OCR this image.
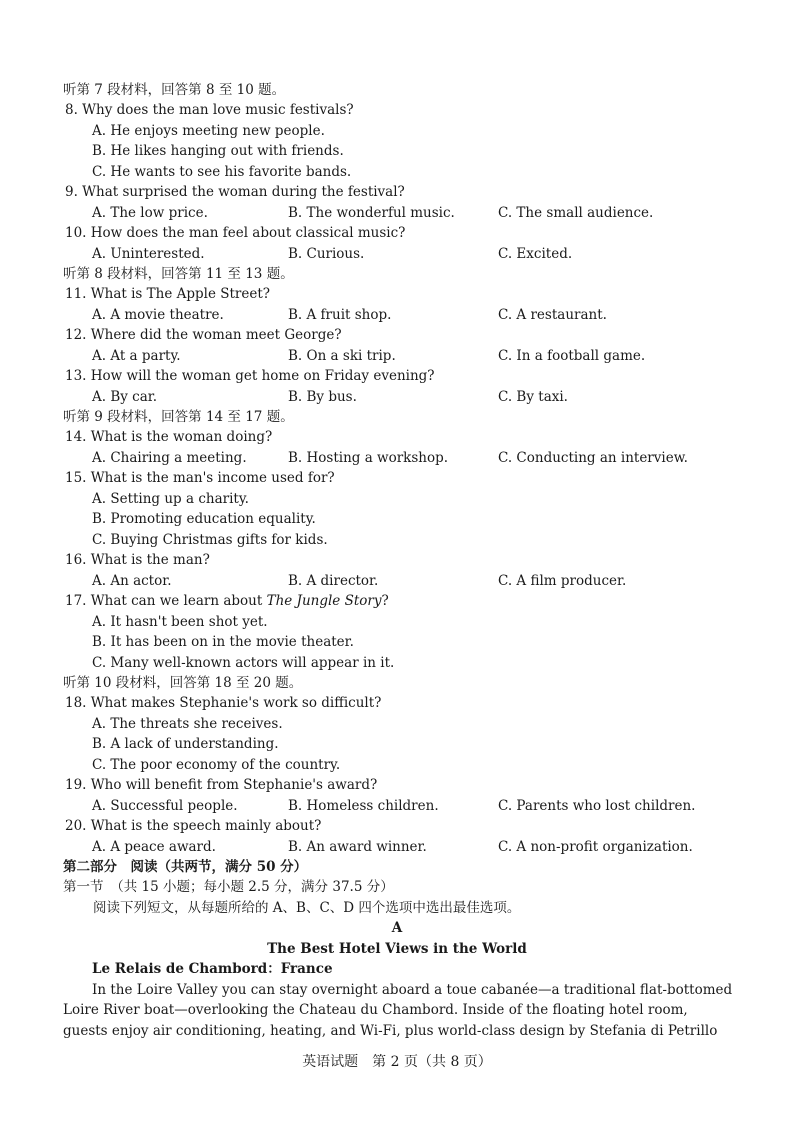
听第 7 段材料，回答第 8 至 10 题。
8. Why does the man love music festivals?
A. He enjoys meeting new people.
B. He likes hanging out with friends.
C. He wants to see his favorite bands.
9. What surprised the woman during the festival?
A. The low price.	B. The wonderful music.	C. The small audience.
10. How does the man feel about classical music?
A. Uninterested.	B. Curious.	C. Excited.
听第 8 段材料，回答第 11 至 13 题。
11. What is The Apple Street?
A. A movie theatre.	B. A fruit shop.	C. A restaurant.
12. Where did the woman meet George?
A. At a party.	B. On a ski trip.	C. In a football game.
13. How will the woman get home on Friday evening?
A. By car.	B. By bus.	C. By taxi.
听第 9 段材料，回答第 14 至 17 题。
14. What is the woman doing?
A. Chairing a meeting.	B. Hosting a workshop.	C. Conducting an interview.
15. What is the man's income used for?
A. Setting up a charity.
B. Promoting education equality.
C. Buying Christmas gifts for kids.
16. What is the man?
A. An actor.	B. A director.	C. A film producer.
17. What can we learn about The Jungle Story?
A. It hasn't been shot yet.
B. It has been on in the movie theater.
C. Many well-known actors will appear in it.
听第 10 段材料，回答第 18 至 20 题。
18. What makes Stephanie's work so difficult?
A. The threats she receives.
B. A lack of understanding.
C. The poor economy of the country.
19. Who will benefit from Stephanie's award?
A. Successful people.	B. Homeless children.	C. Parents who lost children.
20. What is the speech mainly about?
A. A peace award.	B. An award winner.	C. A non-profit organization.
第二部分　阅读（共两节，满分 50 分）
第一节　（共 15 小题；每小题 2.5 分，满分 37.5 分）
阅读下列短文，从每题所给的 A、B、C、D 四个选项中选出最佳选项。
A
The Best Hotel Views in the World
Le Relais de Chambord：France
In the Loire Valley you can stay overnight aboard a toue cabanée—a traditional flat-bottomed
Loire River boat—overlooking the Chateau du Chambord. Inside of the floating hotel room,
guests enjoy air conditioning, heating, and Wi-Fi, plus world-class design by Stefania di Petrillo
英语试题　第 2 页（共 8 页）
